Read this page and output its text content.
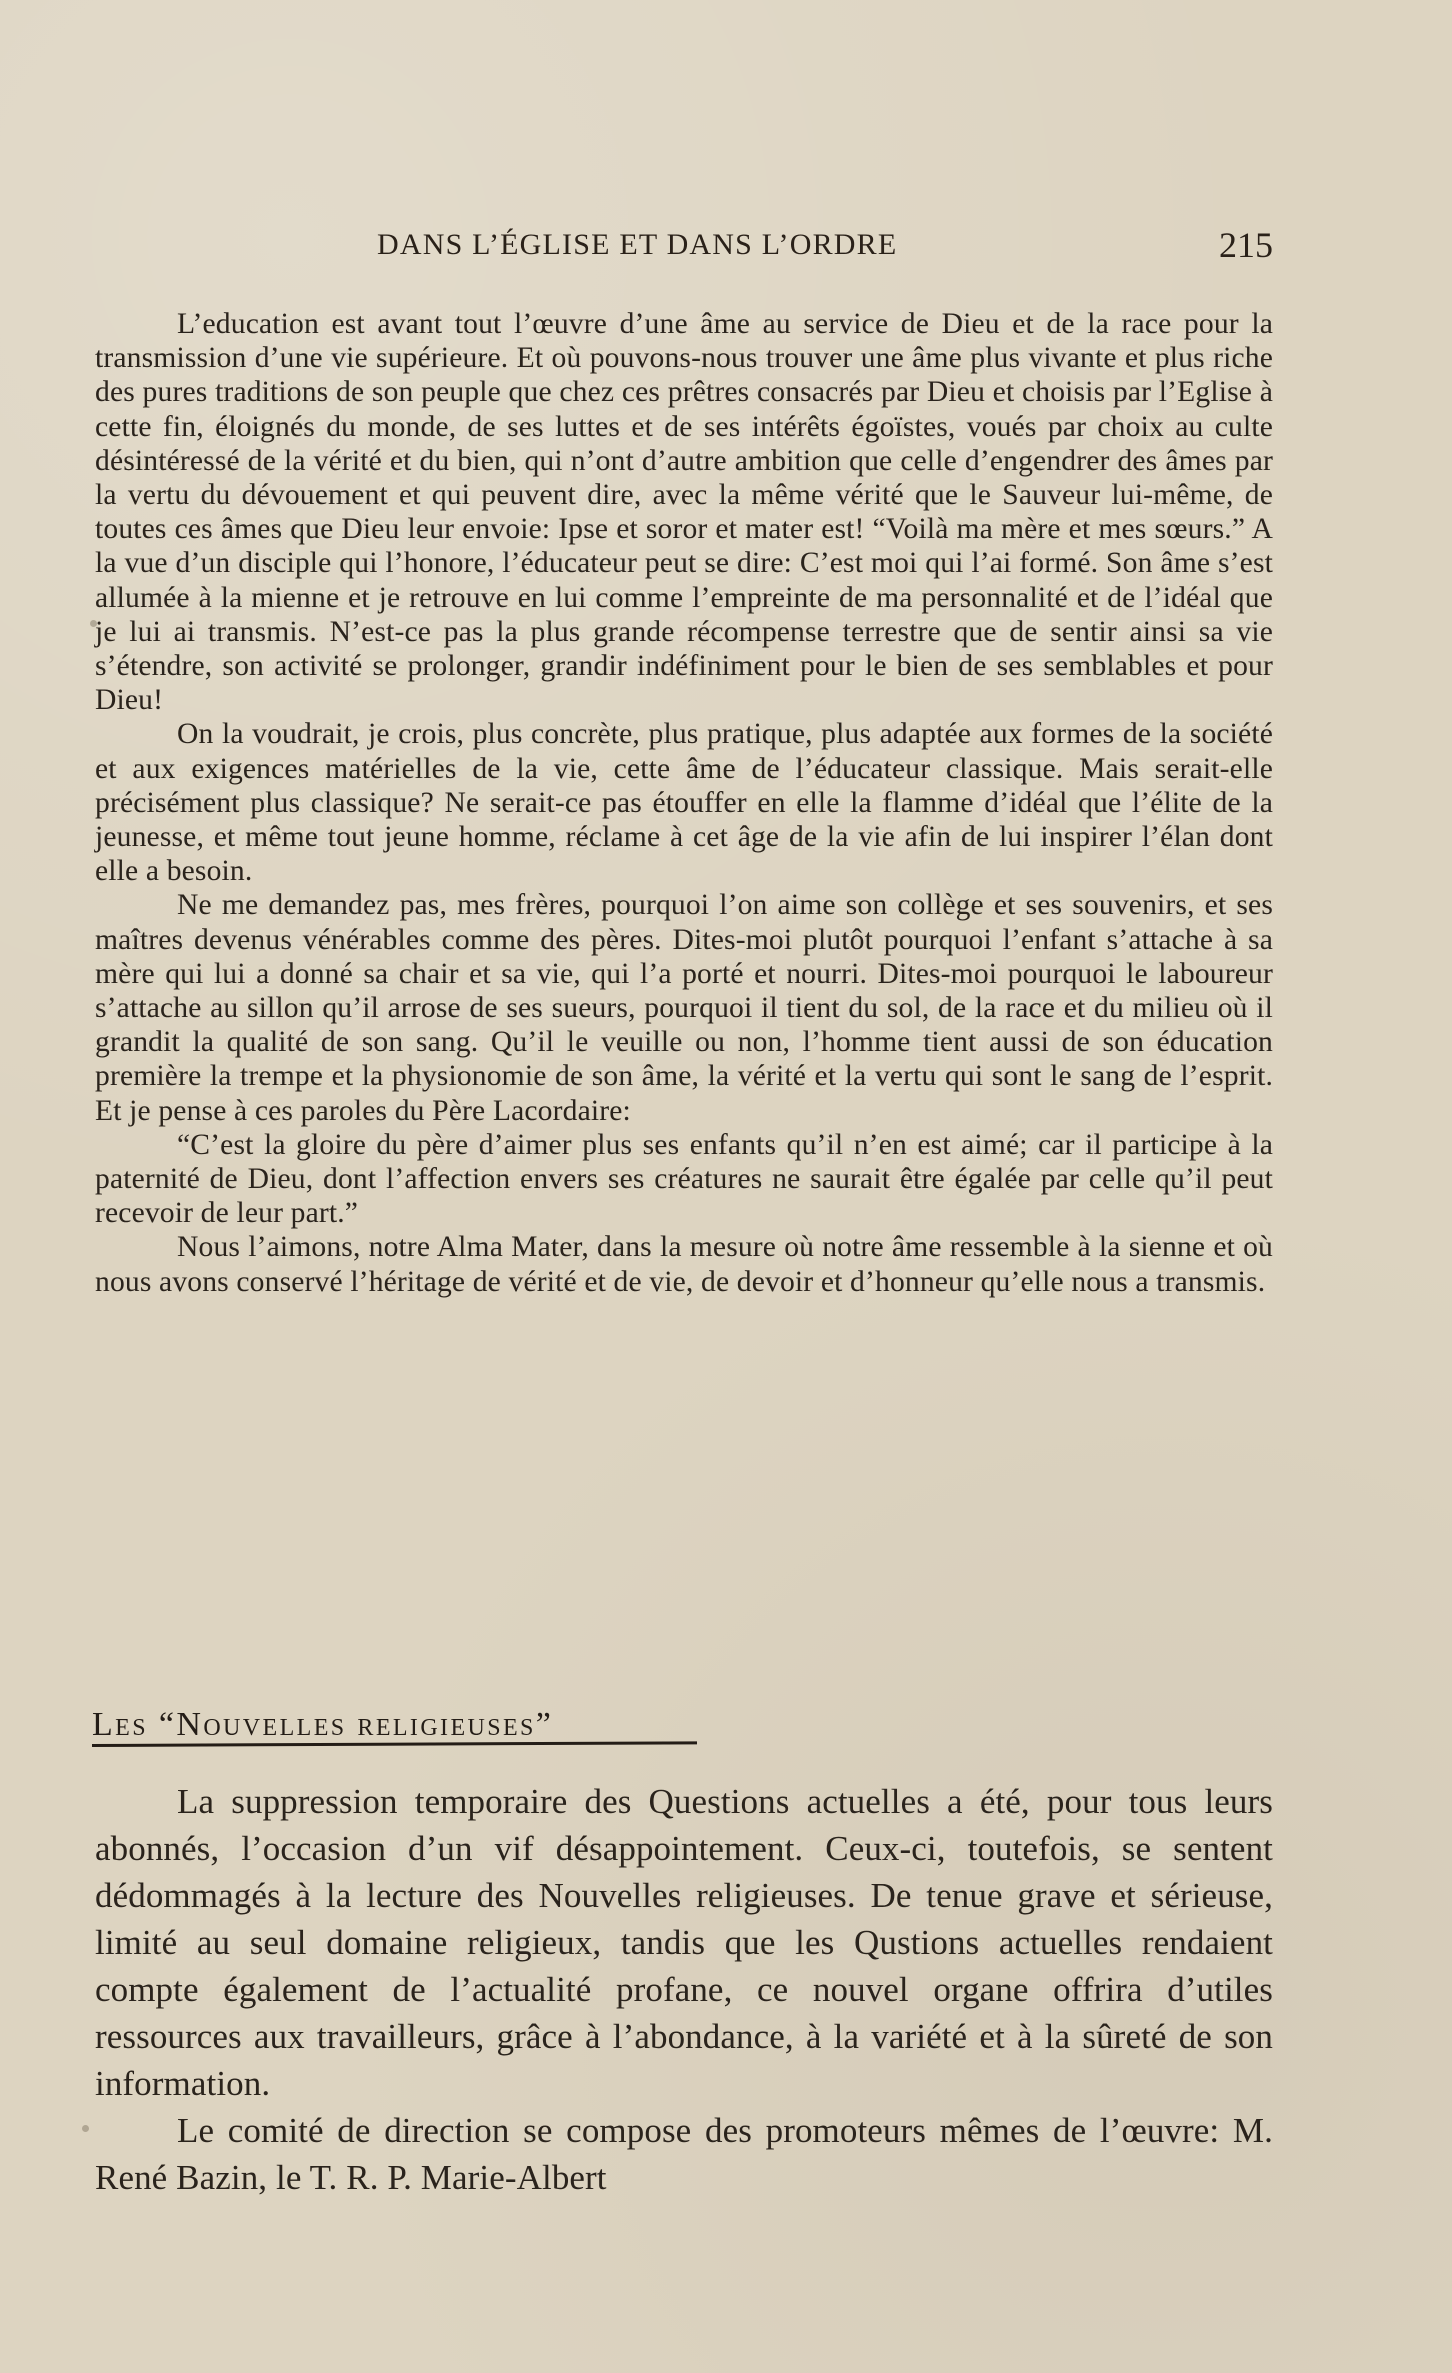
DANS L’ÉGLISE ET DANS L’ORDRE	215

L’education est avant tout l’œuvre d’une âme au service de Dieu et de la race pour la transmission d’une vie supérieure. Et où pouvons-nous trouver une âme plus vivante et plus riche des pures traditions de son peuple que chez ces prêtres consacrés par Dieu et choisis par l’Eglise à cette fin, éloignés du monde, de ses luttes et de ses intérêts égoïstes, voués par choix au culte désintéressé de la vérité et du bien, qui n’ont d’autre ambition que celle d’engendrer des âmes par la vertu du dévouement et qui peuvent dire, avec la même vérité que le Sauveur lui-même, de toutes ces âmes que Dieu leur envoie: Ipse et soror et mater est! “Voilà ma mère et mes sœurs.” A la vue d’un disciple qui l’honore, l’éducateur peut se dire: C’est moi qui l’ai formé. Son âme s’est allumée à la mienne et je retrouve en lui comme l’empreinte de ma personnalité et de l’idéal que je lui ai transmis. N’est-ce pas la plus grande récompense terrestre que de sentir ainsi sa vie s’étendre, son activité se prolonger, grandir indéfiniment pour le bien de ses semblables et pour Dieu!

On la voudrait, je crois, plus concrète, plus pratique, plus adaptée aux formes de la société et aux exigences matérielles de la vie, cette âme de l’éducateur classique. Mais serait-elle précisément plus classique? Ne serait-ce pas étouffer en elle la flamme d’idéal que l’élite de la jeunesse, et même tout jeune homme, réclame à cet âge de la vie afin de lui inspirer l’élan dont elle a besoin.

Ne me demandez pas, mes frères, pourquoi l’on aime son collège et ses souvenirs, et ses maîtres devenus vénérables comme des pères. Dites-moi plutôt pourquoi l’enfant s’attache à sa mère qui lui a donné sa chair et sa vie, qui l’a porté et nourri. Dites-moi pourquoi le laboureur s’attache au sillon qu’il arrose de ses sueurs, pourquoi il tient du sol, de la race et du milieu où il grandit la qualité de son sang. Qu’il le veuille ou non, l’homme tient aussi de son éducation première la trempe et la physionomie de son âme, la vérité et la vertu qui sont le sang de l’esprit. Et je pense à ces paroles du Père Lacordaire:

“C’est la gloire du père d’aimer plus ses enfants qu’il n’en est aimé; car il participe à la paternité de Dieu, dont l’affection envers ses créatures ne saurait être égalée par celle qu’il peut recevoir de leur part.”

Nous l’aimons, notre Alma Mater, dans la mesure où notre âme ressemble à la sienne et où nous avons conservé l’héritage de vérité et de vie, de devoir et d’honneur qu’elle nous a transmis.

Les “Nouvelles religieuses”

La suppression temporaire des Questions actuelles a été, pour tous leurs abonnés, l’occasion d’un vif désappointement. Ceux-ci, toutefois, se sentent dédommagés à la lecture des Nouvelles religieuses. De tenue grave et sérieuse, limité au seul domaine religieux, tandis que les Qustions actuelles rendaient compte également de l’actualité profane, ce nouvel organe offrira d’utiles ressources aux travailleurs, grâce à l’abondance, à la variété et à la sûreté de son information.

Le comité de direction se compose des promoteurs mêmes de l’œuvre: M. René Bazin, le T. R. P. Marie-Albert
